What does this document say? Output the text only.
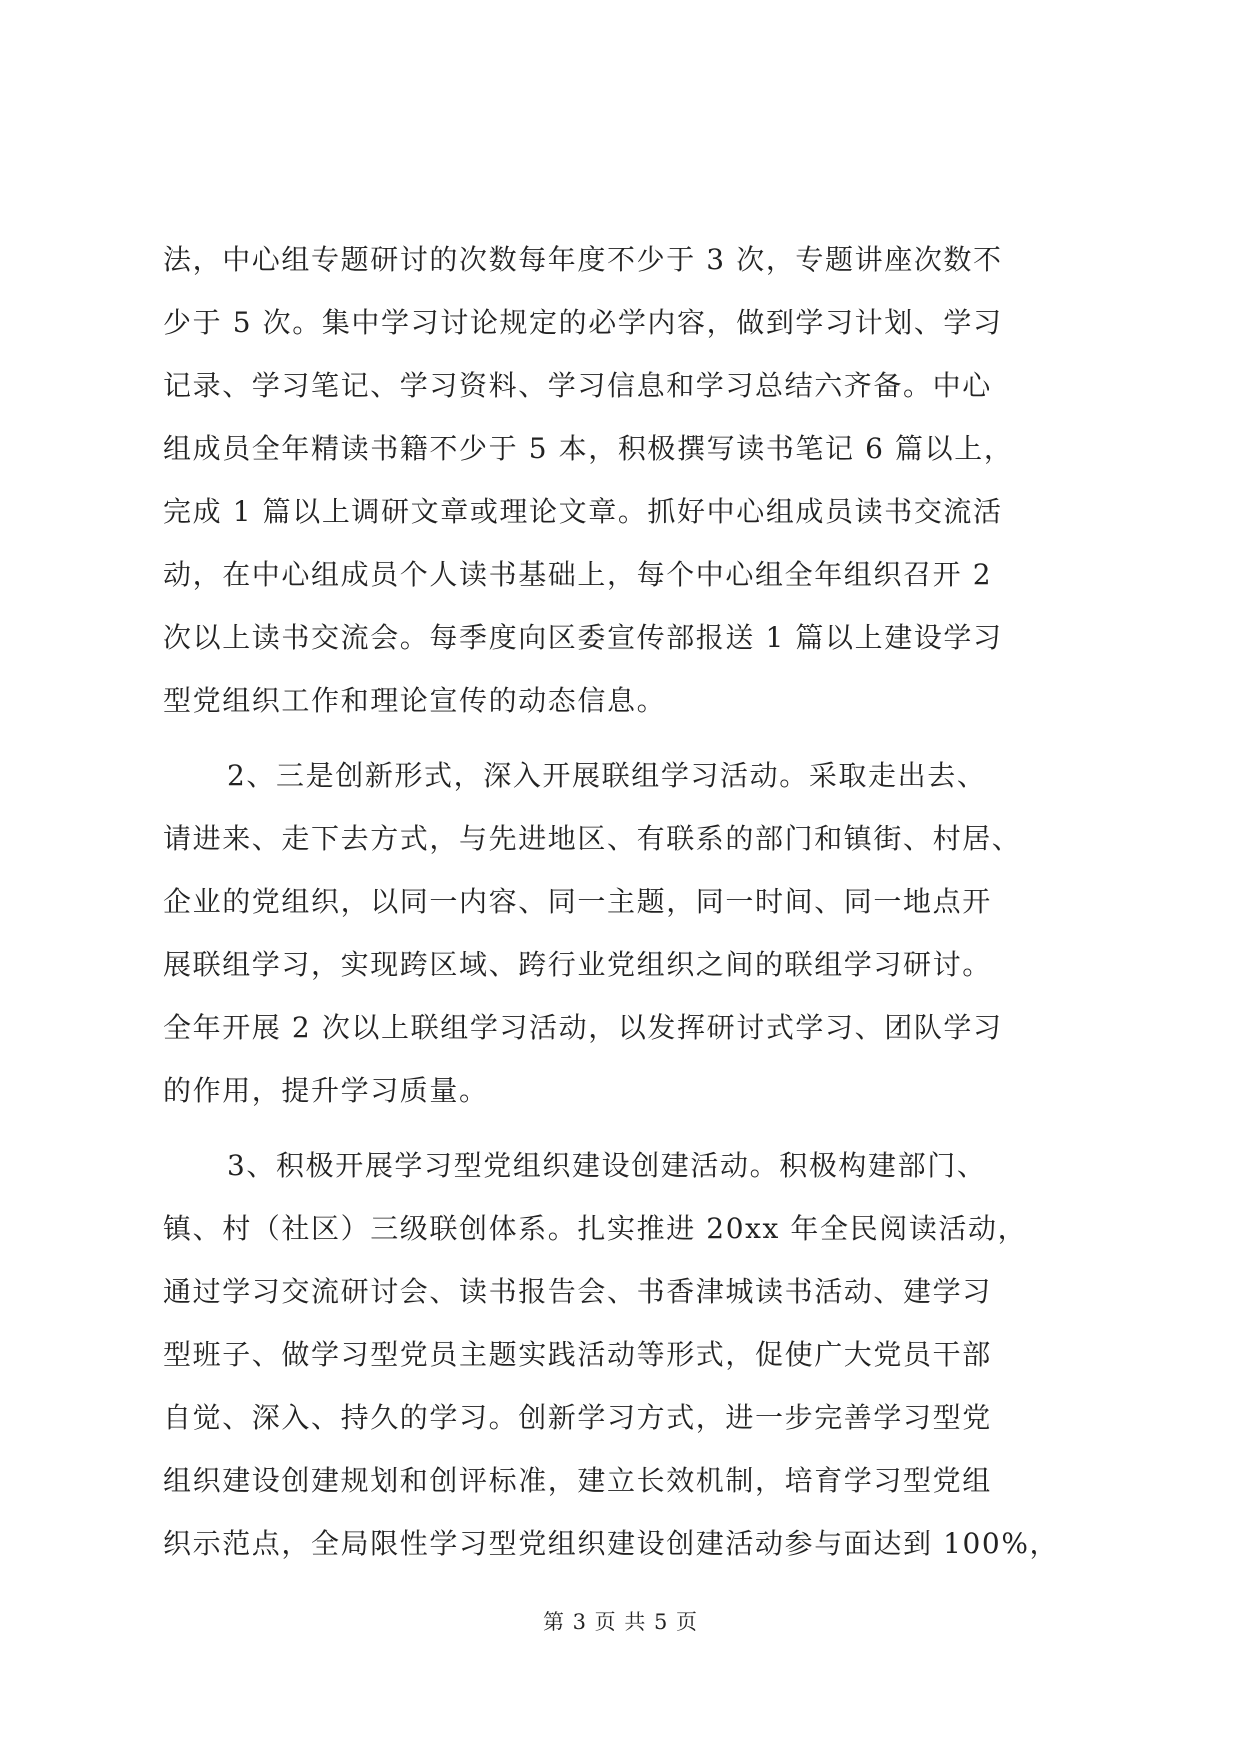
法，中心组专题研讨的次数每年度不少于 3 次，专题讲座次数不
少于 5 次。集中学习讨论规定的必学内容，做到学习计划、学习
记录、学习笔记、学习资料、学习信息和学习总结六齐备。中心
组成员全年精读书籍不少于 5 本，积极撰写读书笔记 6 篇以上，
完成 1 篇以上调研文章或理论文章。抓好中心组成员读书交流活
动，在中心组成员个人读书基础上，每个中心组全年组织召开 2
次以上读书交流会。每季度向区委宣传部报送 1 篇以上建设学习
型党组织工作和理论宣传的动态信息。
2、三是创新形式，深入开展联组学习活动。采取走出去、
请进来、走下去方式，与先进地区、有联系的部门和镇街、村居、
企业的党组织，以同一内容、同一主题，同一时间、同一地点开
展联组学习，实现跨区域、跨行业党组织之间的联组学习研讨。
全年开展 2 次以上联组学习活动，以发挥研讨式学习、团队学习
的作用，提升学习质量。
3、积极开展学习型党组织建设创建活动。积极构建部门、
镇、村（社区）三级联创体系。扎实推进 20xx 年全民阅读活动，
通过学习交流研讨会、读书报告会、书香津城读书活动、建学习
型班子、做学习型党员主题实践活动等形式，促使广大党员干部
自觉、深入、持久的学习。创新学习方式，进一步完善学习型党
组织建设创建规划和创评标准，建立长效机制，培育学习型党组
织示范点，全局限性学习型党组织建设创建活动参与面达到 100%，
第 3 页 共 5 页
